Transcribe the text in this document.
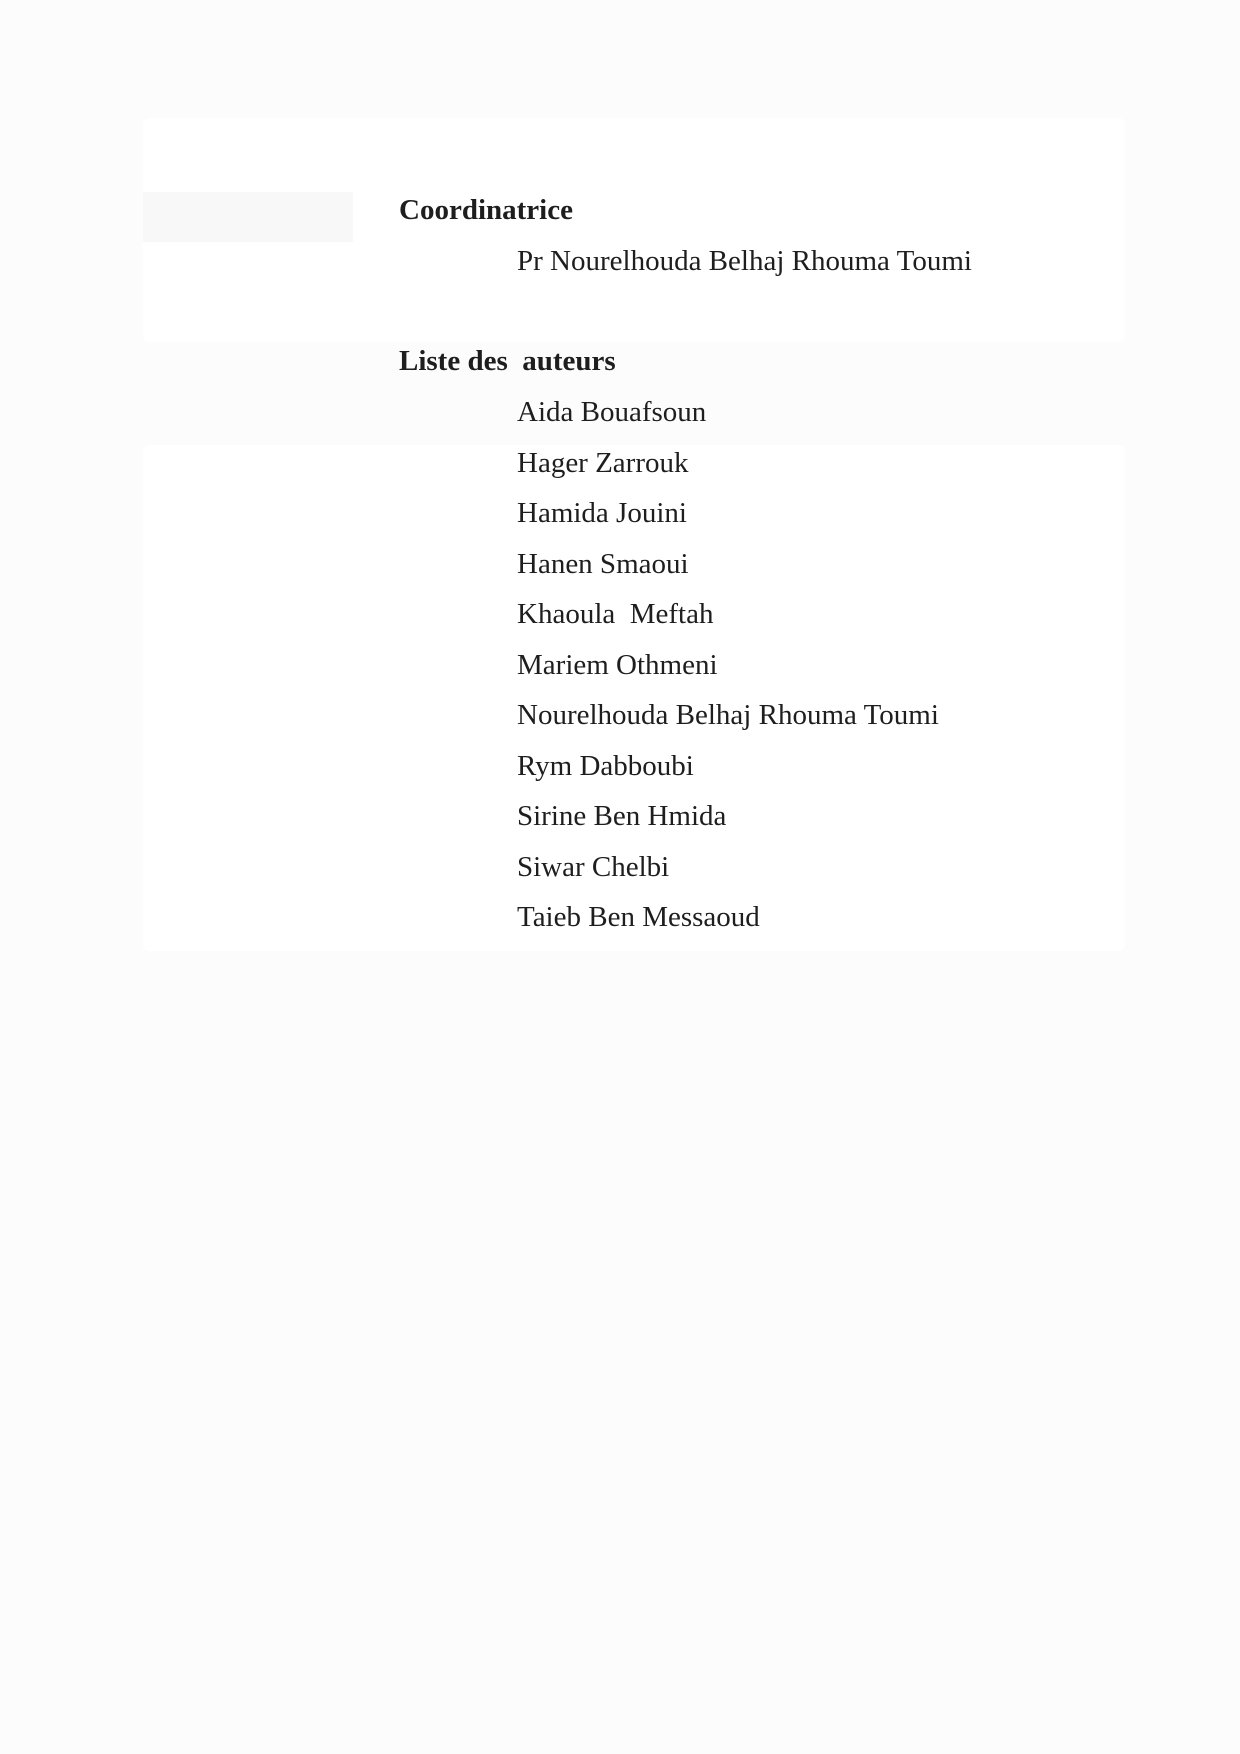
Coordinatrice

Pr Nourelhouda Belhaj Rhouma Toumi

Liste des  auteurs
Aida Bouafsoun
Hager Zarrouk
Hamida Jouini
Hanen Smaoui
Khaoula  Meftah
Mariem Othmeni
Nourelhouda Belhaj Rhouma Toumi
Rym Dabboubi
Sirine Ben Hmida
Siwar Chelbi
Taieb Ben Messaoud
